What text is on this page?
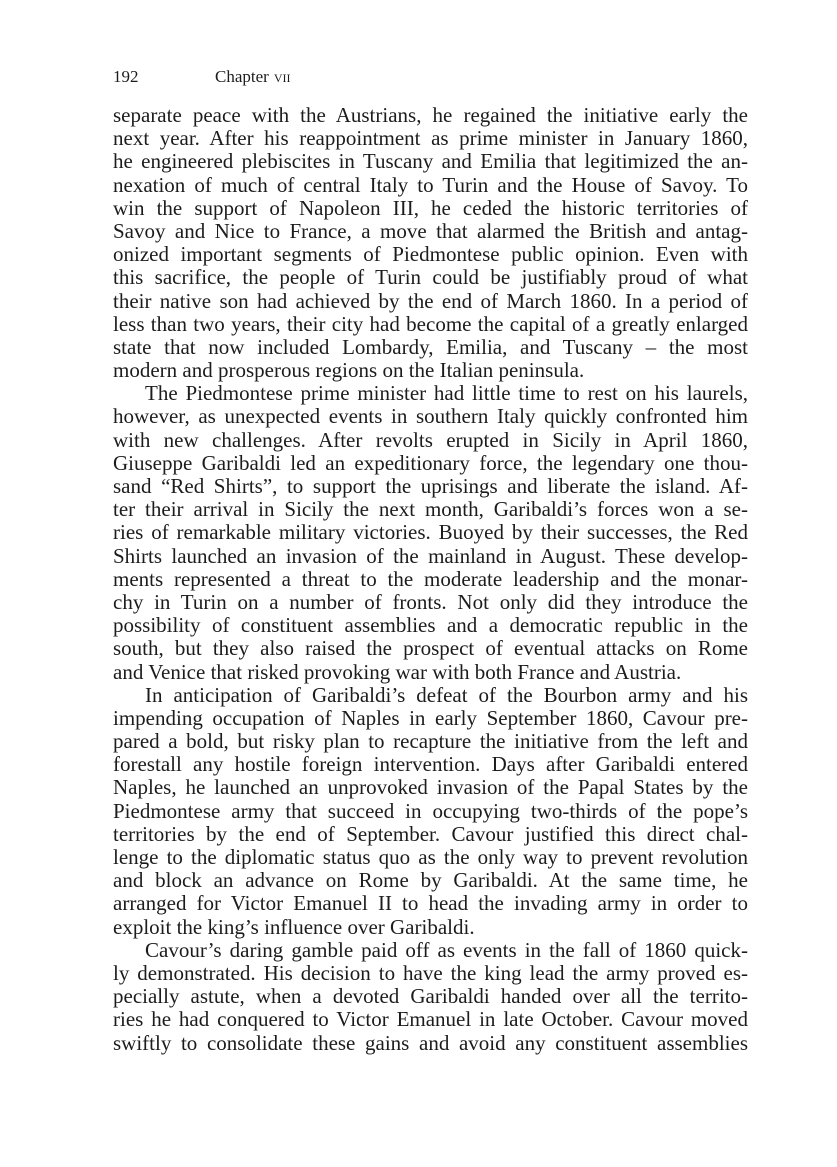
192	Chapter vii
separate peace with the Austrians, he regained the initiative early the
next year. After his reappointment as prime minister in January 1860,
he engineered plebiscites in Tuscany and Emilia that legitimized the an-
nexation of much of central Italy to Turin and the House of Savoy. To
win the support of Napoleon III, he ceded the historic territories of
Savoy and Nice to France, a move that alarmed the British and antag-
onized important segments of Piedmontese public opinion. Even with
this sacrifice, the people of Turin could be justifiably proud of what
their native son had achieved by the end of March 1860. In a period of
less than two years, their city had become the capital of a greatly enlarged
state that now included Lombardy, Emilia, and Tuscany – the most
modern and prosperous regions on the Italian peninsula.
The Piedmontese prime minister had little time to rest on his laurels,
however, as unexpected events in southern Italy quickly confronted him
with new challenges. After revolts erupted in Sicily in April 1860,
Giuseppe Garibaldi led an expeditionary force, the legendary one thou-
sand “Red Shirts”, to support the uprisings and liberate the island. Af-
ter their arrival in Sicily the next month, Garibaldi’s forces won a se-
ries of remarkable military victories. Buoyed by their successes, the Red
Shirts launched an invasion of the mainland in August. These develop-
ments represented a threat to the moderate leadership and the monar-
chy in Turin on a number of fronts. Not only did they introduce the
possibility of constituent assemblies and a democratic republic in the
south, but they also raised the prospect of eventual attacks on Rome
and Venice that risked provoking war with both France and Austria.
In anticipation of Garibaldi’s defeat of the Bourbon army and his
impending occupation of Naples in early September 1860, Cavour pre-
pared a bold, but risky plan to recapture the initiative from the left and
forestall any hostile foreign intervention. Days after Garibaldi entered
Naples, he launched an unprovoked invasion of the Papal States by the
Piedmontese army that succeed in occupying two-thirds of the pope’s
territories by the end of September. Cavour justified this direct chal-
lenge to the diplomatic status quo as the only way to prevent revolution
and block an advance on Rome by Garibaldi. At the same time, he
arranged for Victor Emanuel II to head the invading army in order to
exploit the king’s influence over Garibaldi.
Cavour’s daring gamble paid off as events in the fall of 1860 quick-
ly demonstrated. His decision to have the king lead the army proved es-
pecially astute, when a devoted Garibaldi handed over all the territo-
ries he had conquered to Victor Emanuel in late October. Cavour moved
swiftly to consolidate these gains and avoid any constituent assemblies
